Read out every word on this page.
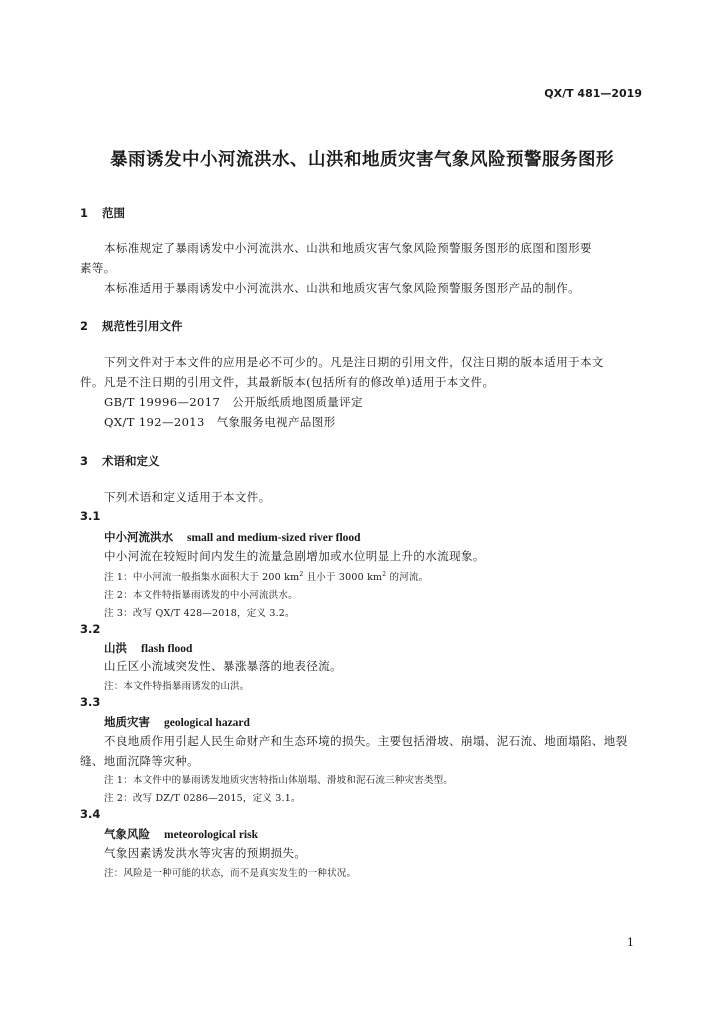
QX/T 481—2019
暴雨诱发中小河流洪水、山洪和地质灾害气象风险预警服务图形
1 范围
本标准规定了暴雨诱发中小河流洪水、山洪和地质灾害气象风险预警服务图形的底图和图形要
素等。
本标准适用于暴雨诱发中小河流洪水、山洪和地质灾害气象风险预警服务图形产品的制作。
2 规范性引用文件
下列文件对于本文件的应用是必不可少的。凡是注日期的引用文件，仅注日期的版本适用于本文
件。凡是不注日期的引用文件，其最新版本(包括所有的修改单)适用于本文件。
GB/T 19996—2017　公开版纸质地图质量评定
QX/T 192—2013　气象服务电视产品图形
3 术语和定义
下列术语和定义适用于本文件。
3.1
中小河流洪水 small and medium-sized river flood
中小河流在较短时间内发生的流量急剧增加或水位明显上升的水流现象。
注 1：中小河流一般指集水面积大于 200 $km^2$ 且小于 3000 $km^2$ 的河流。
注 2：本文件特指暴雨诱发的中小河流洪水。
注 3：改写 QX/T 428—2018，定义 3.2。
3.2
山洪 flash flood
山丘区小流域突发性、暴涨暴落的地表径流。
注：本文件特指暴雨诱发的山洪。
3.3
地质灾害 geological hazard
不良地质作用引起人民生命财产和生态环境的损失。主要包括滑坡、崩塌、泥石流、地面塌陷、地裂
缝、地面沉降等灾种。
注 1：本文件中的暴雨诱发地质灾害特指山体崩塌、滑坡和泥石流三种灾害类型。
注 2：改写 DZ/T 0286—2015，定义 3.1。
3.4
气象风险 meteorological risk
气象因素诱发洪水等灾害的预期损失。
注：风险是一种可能的状态，而不是真实发生的一种状况。
1
